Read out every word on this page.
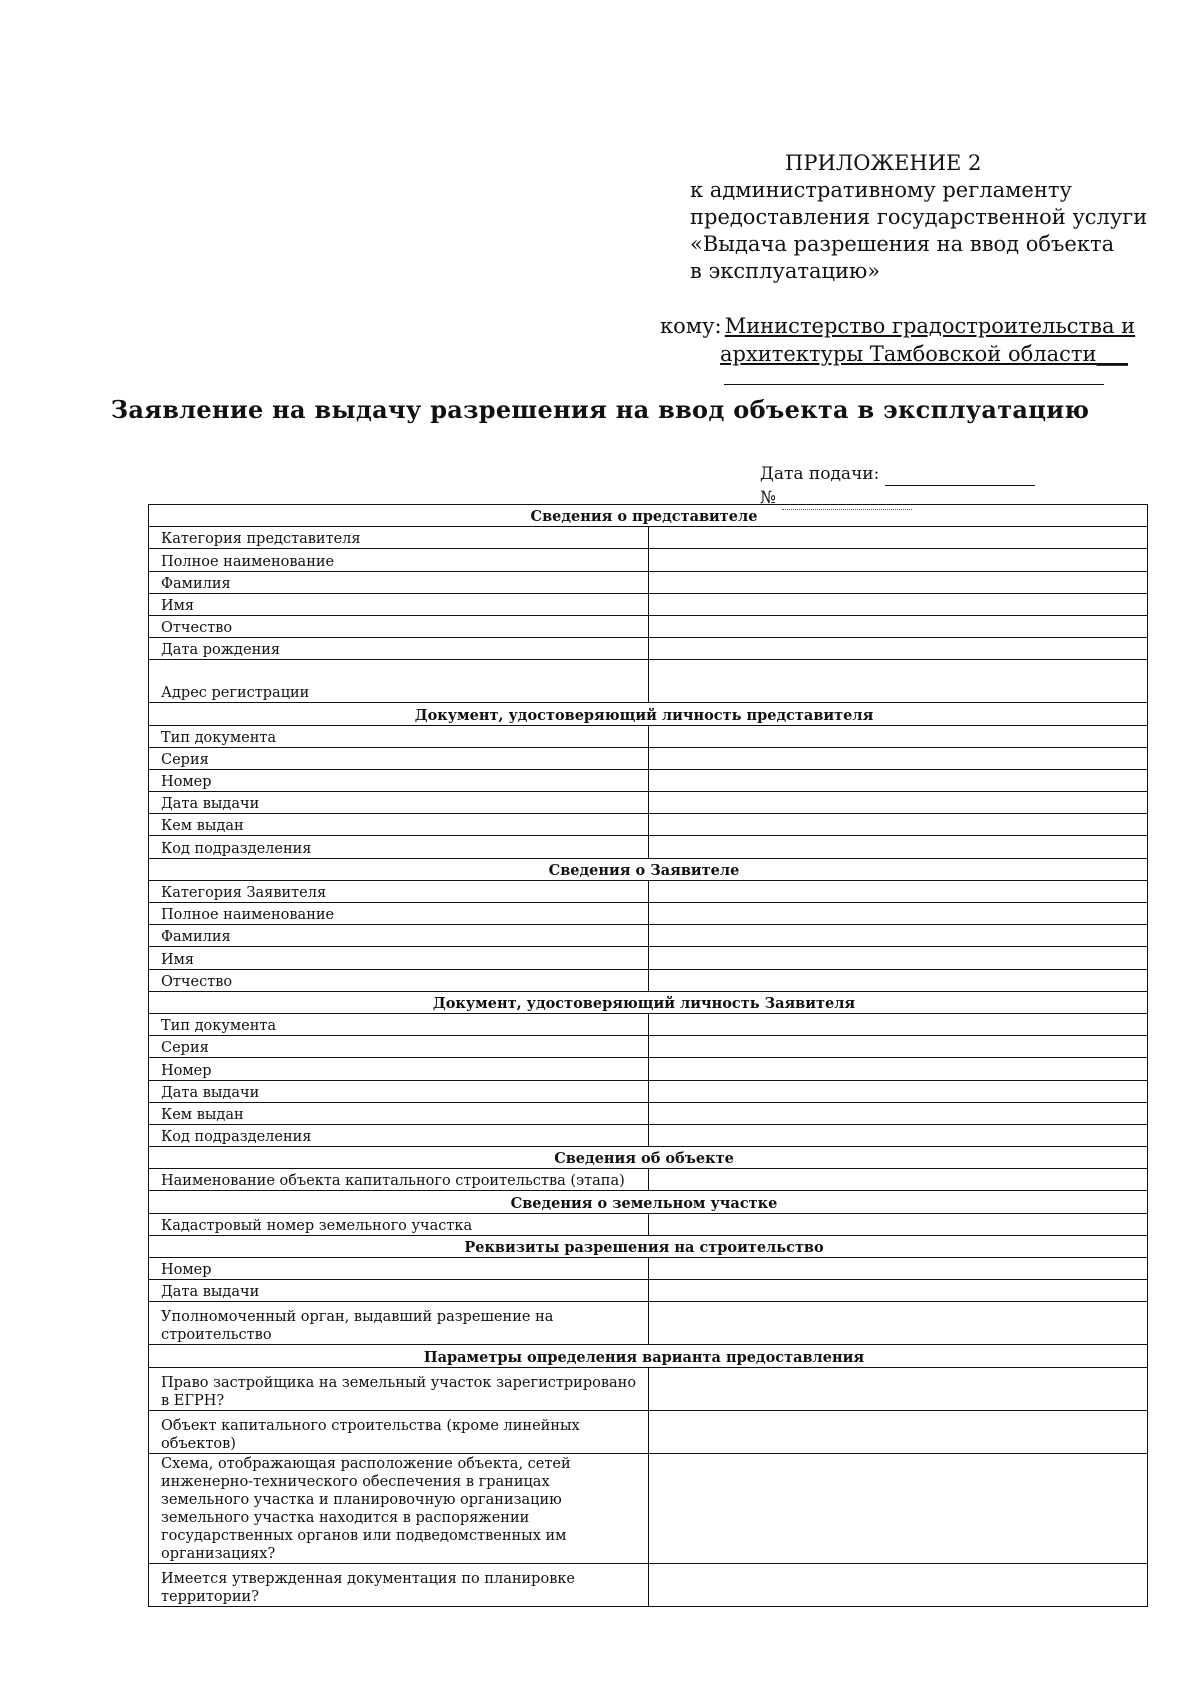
ПРИЛОЖЕНИЕ 2
к административному регламенту
предоставления государственной услуги
«Выдача разрешения на ввод объекта
в эксплуатацию»
кому: Министерство градостроительства и
архитектуры Тамбовской области___
Заявление на выдачу разрешения на ввод объекта в эксплуатацию
Дата подачи:
№
Сведения о представителе	
Категория представителя	
Полное наименование	
Фамилия	
Имя	
Отчество	
Дата рождения	
Адрес регистрации	
Документ, удостоверяющий личность представителя	
Тип документа	
Серия	
Номер	
Дата выдачи	
Кем выдан	
Код подразделения	
Сведения о Заявителе	
Категория Заявителя	
Полное наименование	
Фамилия	
Имя	
Отчество	
Документ, удостоверяющий личность Заявителя	
Тип документа	
Серия	
Номер	
Дата выдачи	
Кем выдан	
Код подразделения	
Сведения об объекте	
Наименование объекта капитального строительства (этапа)	
Сведения о земельном участке	
Кадастровый номер земельного участка	
Реквизиты разрешения на строительство	
Номер	
Дата выдачи	
Уполномоченный орган, выдавший разрешение на строительство	
Параметры определения варианта предоставления	
Право застройщика на земельный участок зарегистрировано в ЕГРН?	
Объект капитального строительства (кроме линейных объектов)	
Схема, отображающая расположение объекта, сетей инженерно-технического обеспечения в границах земельного участка и планировочную организацию земельного участка находится в распоряжении государственных органов или подведомственных им организациях?	
Имеется утвержденная документация по планировке территории?	
